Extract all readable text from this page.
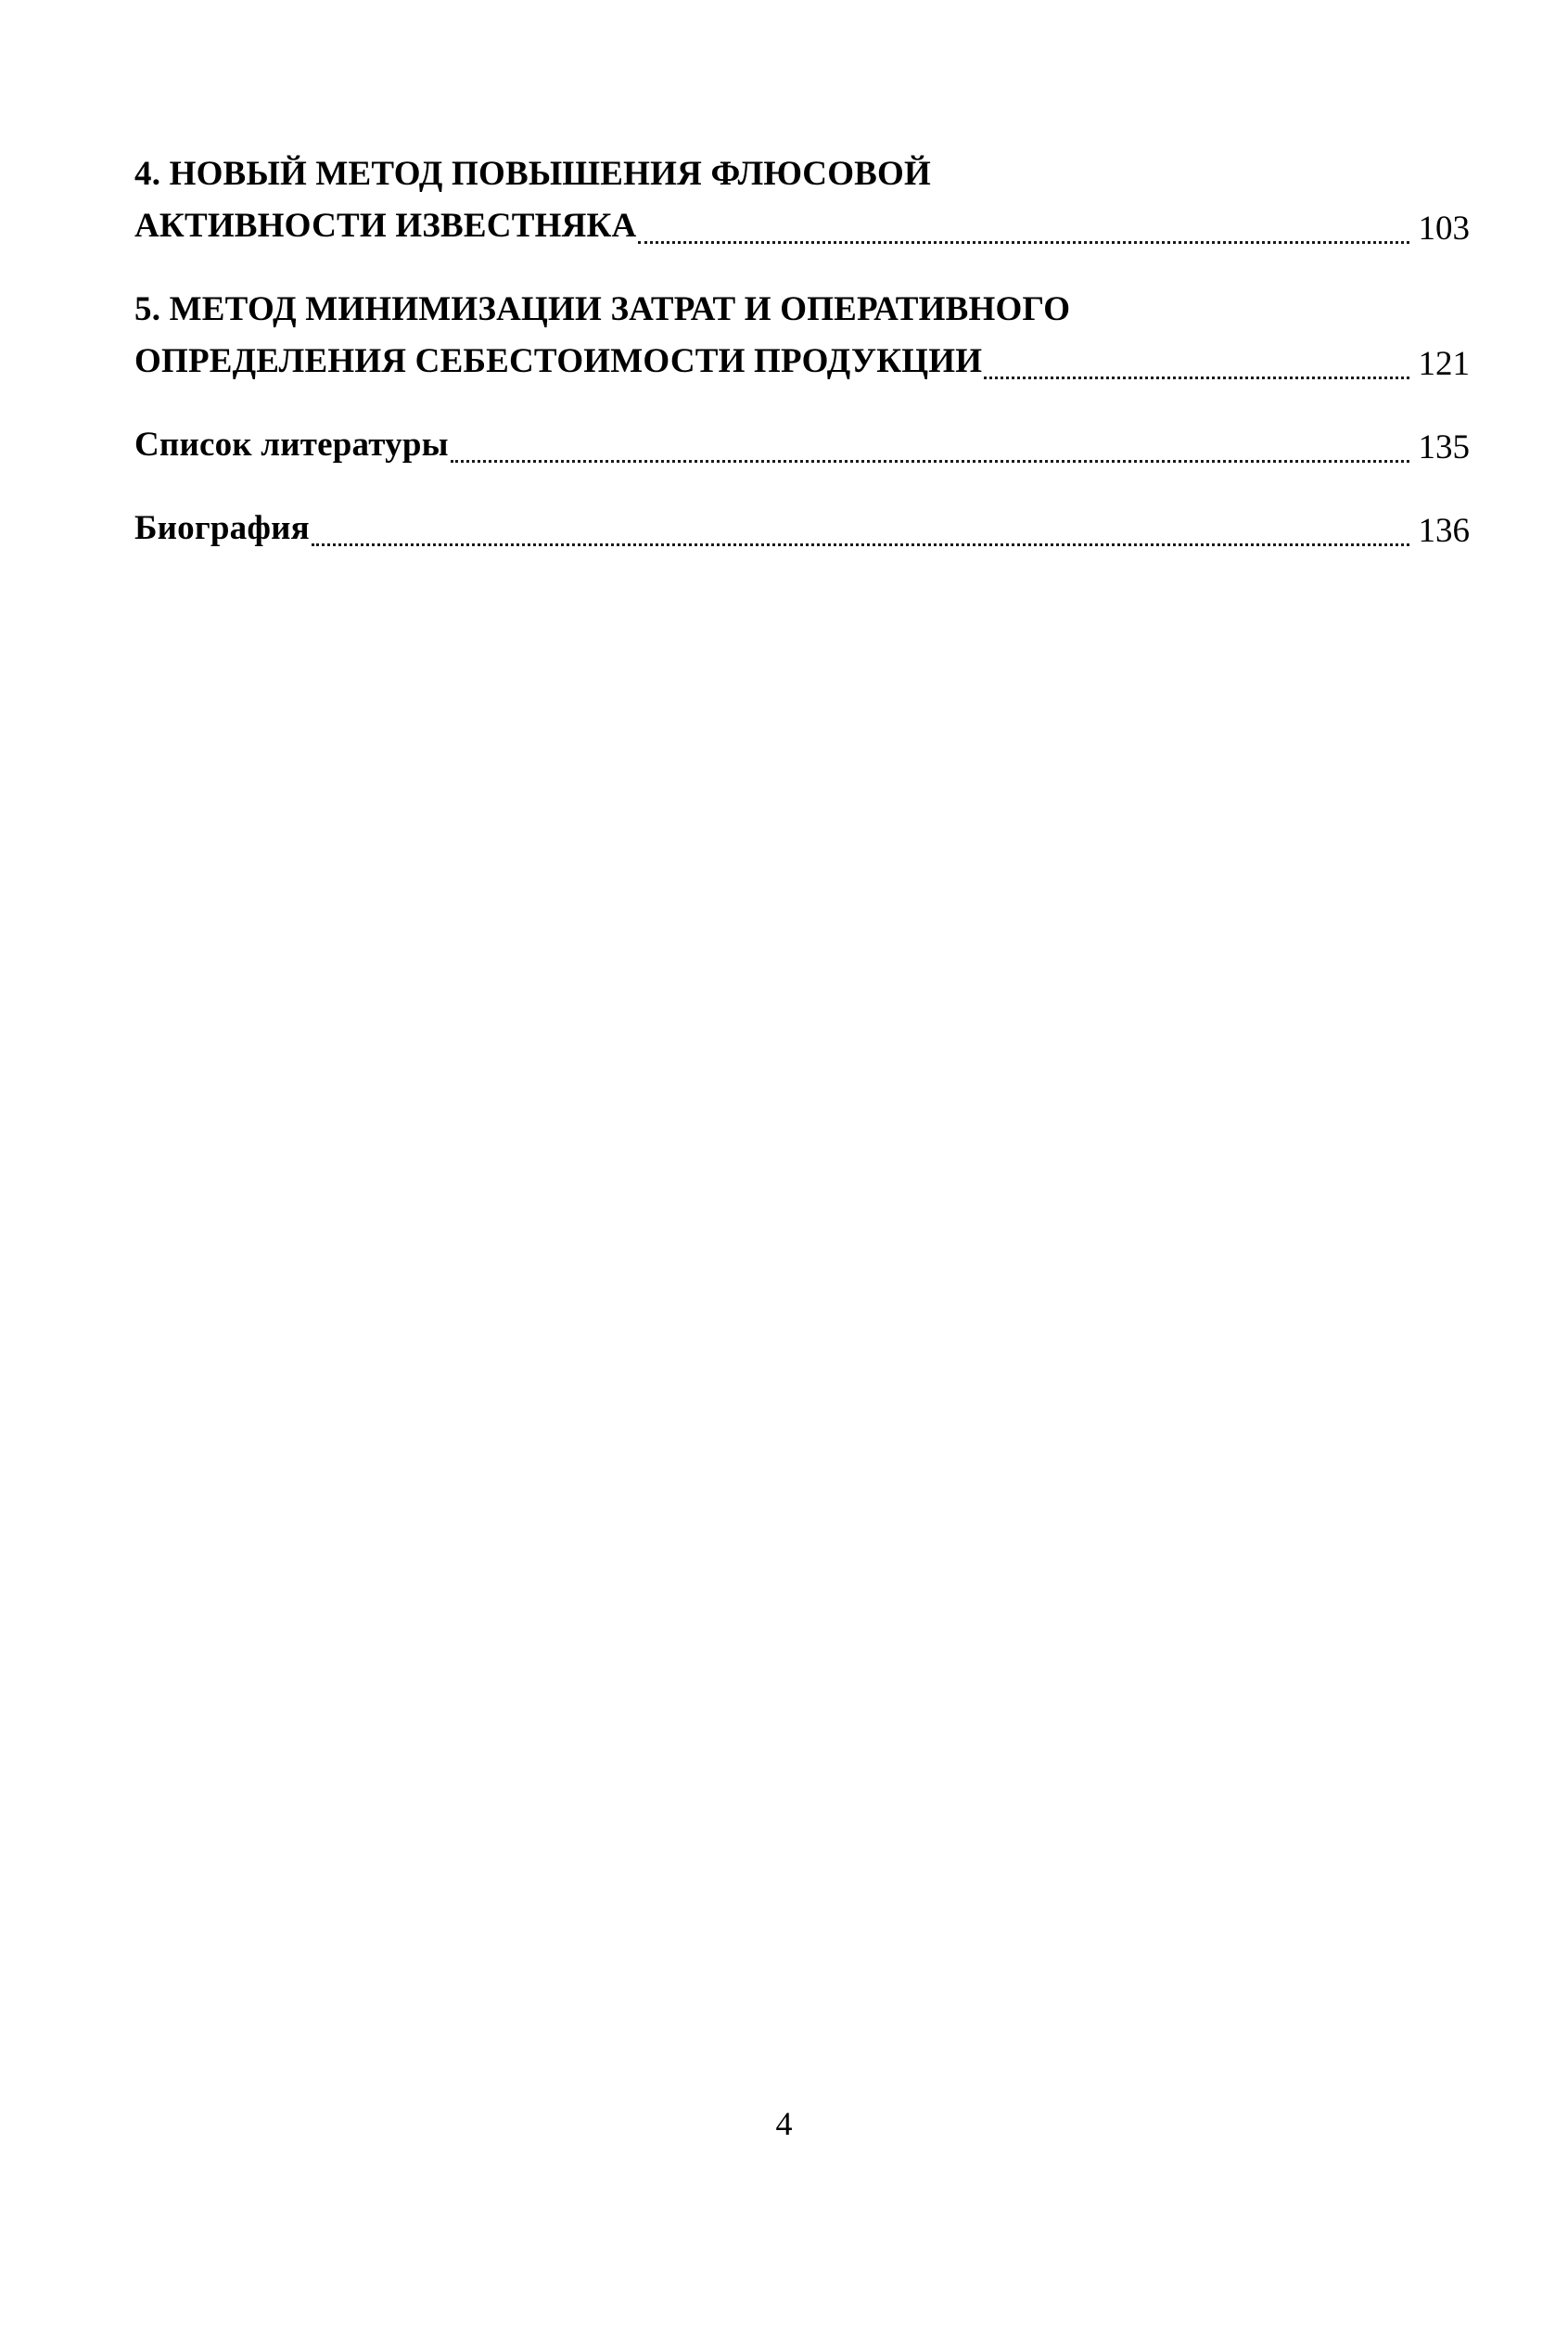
4. НОВЫЙ МЕТОД ПОВЫШЕНИЯ ФЛЮСОВОЙ
АКТИВНОСТИ ИЗВЕСТНЯКА	103
5. МЕТОД МИНИМИЗАЦИИ ЗАТРАТ И ОПЕРАТИВНОГО
ОПРЕДЕЛЕНИЯ СЕБЕСТОИМОСТИ ПРОДУКЦИИ	121
Список литературы	135
Биография	136
4
